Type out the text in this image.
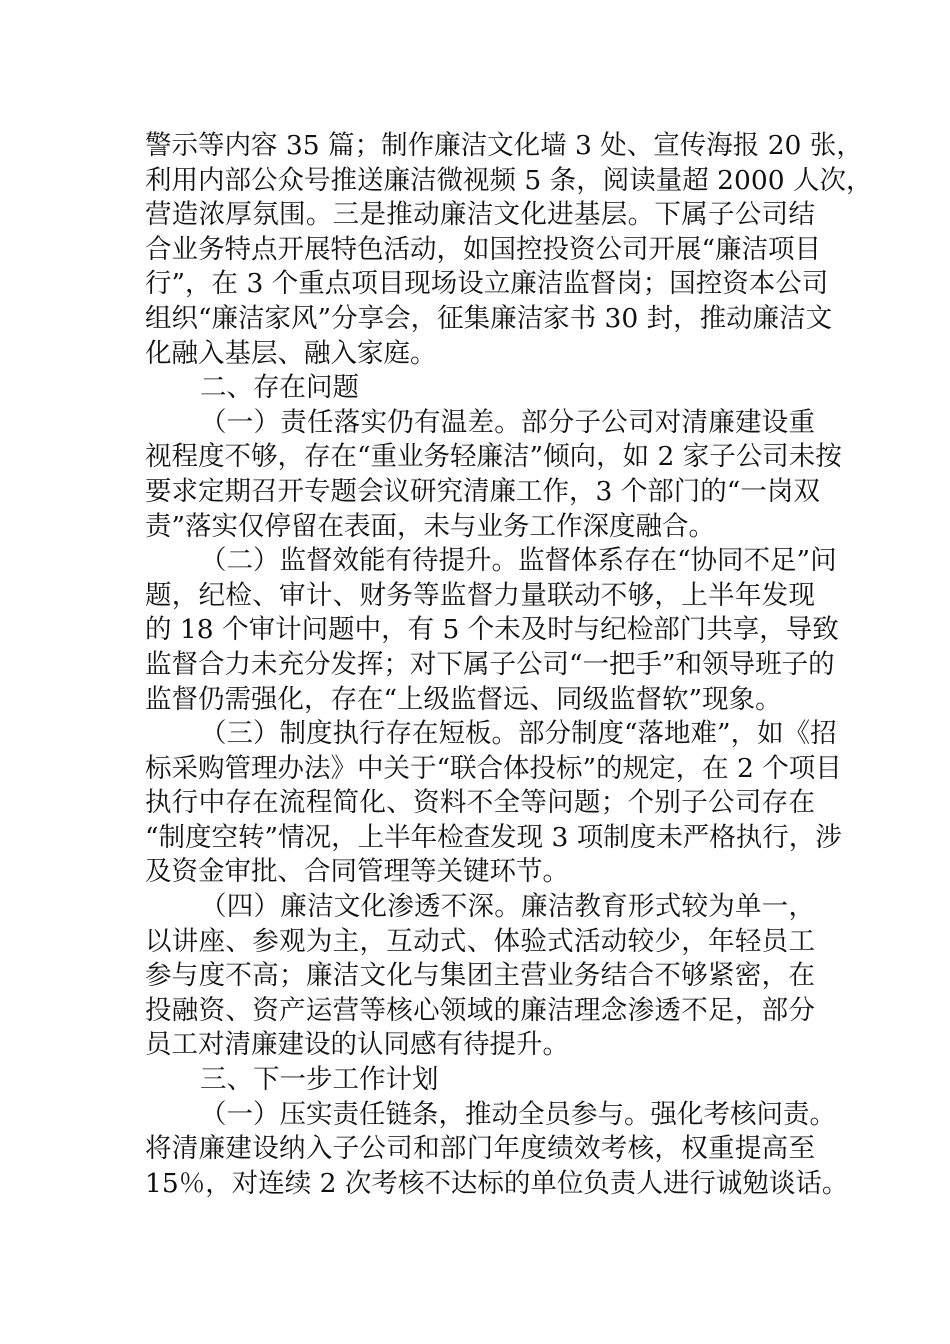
警示等内容 35 篇；制作廉洁文化墙 3 处、宣传海报 20 张，
利用内部公众号推送廉洁微视频 5 条，阅读量超 2000 人次，
营造浓厚氛围。三是推动廉洁文化进基层。下属子公司结
合业务特点开展特色活动，如国控投资公司开展“廉洁项目
行”，在 3 个重点项目现场设立廉洁监督岗；国控资本公司
组织“廉洁家风”分享会，征集廉洁家书 30 封，推动廉洁文
化融入基层、融入家庭。
二、存在问题
（一）责任落实仍有温差。部分子公司对清廉建设重
视程度不够，存在“重业务轻廉洁”倾向，如 2 家子公司未按
要求定期召开专题会议研究清廉工作，3 个部门的“一岗双
责”落实仅停留在表面，未与业务工作深度融合。
（二）监督效能有待提升。监督体系存在“协同不足”问
题，纪检、审计、财务等监督力量联动不够，上半年发现
的 18 个审计问题中，有 5 个未及时与纪检部门共享，导致
监督合力未充分发挥；对下属子公司“一把手”和领导班子的
监督仍需强化，存在“上级监督远、同级监督软”现象。
（三）制度执行存在短板。部分制度“落地难”，如《招
标采购管理办法》中关于“联合体投标”的规定，在 2 个项目
执行中存在流程简化、资料不全等问题；个别子公司存在
“制度空转”情况，上半年检查发现 3 项制度未严格执行，涉
及资金审批、合同管理等关键环节。
（四）廉洁文化渗透不深。廉洁教育形式较为单一，
以讲座、参观为主，互动式、体验式活动较少，年轻员工
参与度不高；廉洁文化与集团主营业务结合不够紧密，在
投融资、资产运营等核心领域的廉洁理念渗透不足，部分
员工对清廉建设的认同感有待提升。
三、下一步工作计划
（一）压实责任链条，推动全员参与。强化考核问责。
将清廉建设纳入子公司和部门年度绩效考核，权重提高至
15％，对连续 2 次考核不达标的单位负责人进行诚勉谈话。
